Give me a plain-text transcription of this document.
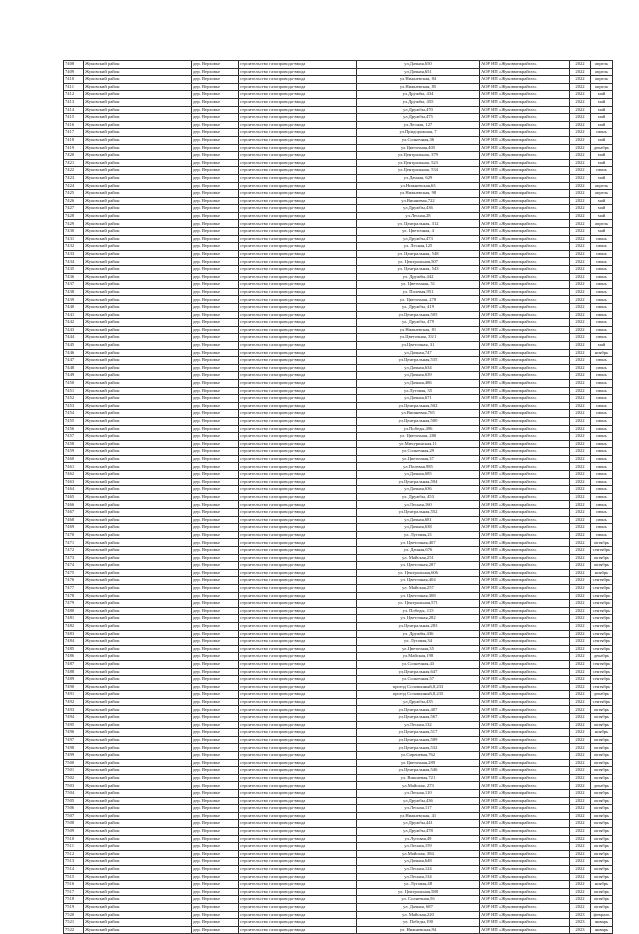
7408	Жуковский район	дер. Верховье	строительство газопровода-ввода	ул.Дачная,650	АОР НП «Жуковмежрайгаз»	2022	апрель
7409	Жуковский район	дер. Верховье	строительство газопровода-ввода	ул.Дачная,651	АОР НП «Жуковмежрайгаз»	2022	апрель
7410	Жуковский район	дер. Верховье	строительство газопровода-ввода	ул.Нижневская, 84	АОР НП «Жуковмежрайгаз»	2022	апрель
7411	Жуковский район	дер. Верховье	строительство газопровода-ввода	ул.Нижневская, 85	АОР НП «Жуковмежрайгаз»	2022	апрель
7412	Жуковский район	дер. Верховье	строительство газопровода-ввода	ул.Дружбы, 434	АОР НП «Жуковмежрайгаз»	2022	май
7413	Жуковский район	дер. Верховье	строительство газопровода-ввода	ул.Дружбы, 455	АОР НП «Жуковмежрайгаз»	2022	май
7414	Жуковский район	дер. Верховье	строительство газопровода-ввода	ул.Дружбы,470	АОР НП «Жуковмежрайгаз»	2022	май
7415	Жуковский район	дер. Верховье	строительство газопровода-ввода	ул.Дружбы,475	АОР НП «Жуковмежрайгаз»	2022	май
7416	Жуковский район	дер. Верховье	строительство газопровода-ввода	ул.Лесная, 127	АОР НП «Жуковмежрайгаз»	2022	май
7417	Жуковский район	дер. Верховье	строительство газопровода-ввода	ул.Придорожная, 7	АОР НП «Жуковмежрайгаз»	2022	июнь
7418	Жуковский район	дер. Верховье	строительство газопровода-ввода	ул.Солнечная,36	АОР НП «Жуковмежрайгаз»	2022	май
7419	Жуковский район	дер. Верховье	строительство газопровода-ввода	ул.Цветочная,405	АОР НП «Жуковмежрайгаз»	2022	декабрь
7420	Жуковский район	дер. Верховье	строительство газопровода-ввода	ул.Центральная, 379	АОР НП «Жуковмежрайгаз»	2022	май
7421	Жуковский район	дер. Верховье	строительство газопровода-ввода	ул.Центральная, 523	АОР НП «Жуковмежрайгаз»	2022	май
7422	Жуковский район	дер. Верховье	строительство газопровода-ввода	ул.Центральная, 534	АОР НП «Жуковмежрайгаз»	2022	июнь
7423	Жуковский район	дер. Верховье	строительство газопровода-ввода	ул.Дачная, 629	АОР НП «Жуковмежрайгаз»	2022	май
7424	Жуковский район	дер. Верховье	строительство газопровода-ввода	ул.Нижневская,63	АОР НП «Жуковмежрайгаз»	2022	апрель
7425	Жуковский район	дер. Верховье	строительство газопровода-ввода	ул.Нижневская, 98	АОР НП «Жуковмежрайгаз»	2022	апрель
7426	Жуковский район	дер. Верховье	строительство газопровода-ввода	ул.Вишневая,722	АОР НП «Жуковмежрайгаз»	2022	май
7427	Жуковский район	дер. Верховье	строительство газопровода-ввода	ул.Дружбы,436	АОР НП «Жуковмежрайгаз»	2022	май
7428	Жуковский район	дер. Верховье	строительство газопровода-ввода	ул.Лесная,28	АОР НП «Жуковмежрайгаз»	2022	май
7429	Жуковский район	дер. Верховье	строительство газопровода-ввода	ул. Центральная, 312	АОР НП «Жуковмежрайгаз»	2022	апрель
7430	Жуковский район	дер. Верховье	строительство газопровода-ввода	ул. Цветочная, 4	АОР НП «Жуковмежрайгаз»	2022	май
7431	Жуковский район	дер. Верховье	строительство газопровода-ввода	ул.Дружбы,473	АОР НП «Жуковмежрайгаз»	2022	июнь
7432	Жуковский район	дер. Верховье	строительство газопровода-ввода	ул. Лесная,125	АОР НП «Жуковмежрайгаз»	2022	июнь
7433	Жуковский район	дер. Верховье	строительство газопровода-ввода	ул. Центральная, 548	АОР НП «Жуковмежрайгаз»	2022	июнь
7434	Жуковский район	дер. Верховье	строительство газопровода-ввода	ул. Центральная,507	АОР НП «Жуковмежрайгаз»	2022	июнь
7435	Жуковский район	дер. Верховье	строительство газопровода-ввода	ул. Центральная, 543	АОР НП «Жуковмежрайгаз»	2022	июнь
7436	Жуковский район	дер. Верховье	строительство газопровода-ввода	ул. Дружбы,442	АОР НП «Жуковмежрайгаз»	2022	июнь
7437	Жуковский район	дер. Верховье	строительство газопровода-ввода	ул. Цветочная, 51	АОР НП «Жуковмежрайгаз»	2022	июнь
7438	Жуковский район	дер. Верховье	строительство газопровода-ввода	ул. Полевая,951	АОР НП «Жуковмежрайгаз»	2022	июнь
7439	Жуковский район	дер. Верховье	строительство газопровода-ввода	ул. Цветочная, 278	АОР НП «Жуковмежрайгаз»	2022	июнь
7440	Жуковский район	дер. Верховье	строительство газопровода-ввода	ул. Дружбы, 419	АОР НП «Жуковмежрайгаз»	2022	июнь
7441	Жуковский район	дер. Верховье	строительство газопровода-ввода	ул.Центральная,505	АОР НП «Жуковмежрайгаз»	2022	июнь
7442	Жуковский район	дер. Верховье	строительство газопровода-ввода	ул. Дружбы, 479	АОР НП «Жуковмежрайгаз»	2022	июнь
7443	Жуковский район	дер. Верховье	строительство газопровода-ввода	ул.Нижневская, 81	АОР НП «Жуковмежрайгаз»	2022	июнь
7444	Жуковский район	дер. Верховье	строительство газопровода-ввода	ул.Цветочная, 33/1	АОР НП «Жуковмежрайгаз»	2022	июнь
7445	Жуковский район	дер. Верховье	строительство газопровода-ввода	ул.Цветочная, 31	АОР НП «Жуковмежрайгаз»	2022	май
7446	Жуковский район	дер. Верховье	строительство газопровода-ввода	ул.Дачная,747	АОР НП «Жуковмежрайгаз»	2022	ноябрь
7447	Жуковский район	дер. Верховье	строительство газопровода-ввода	ул.Центральная,535	АОР НП «Жуковмежрайгаз»	2022	июнь
7448	Жуковский район	дер. Верховье	строительство газопровода-ввода	ул.Дачная,634	АОР НП «Жуковмежрайгаз»	2022	июнь
7449	Жуковский район	дер. Верховье	строительство газопровода-ввода	ул.Дачная,639	АОР НП «Жуковмежрайгаз»	2022	июнь
7450	Жуковский район	дер. Верховье	строительство газопровода-ввода	ул.Дачная,486	АОР НП «Жуковмежрайгаз»	2022	июнь
7451	Жуковский район	дер. Верховье	строительство газопровода-ввода	ул.Луговая, 35	АОР НП «Жуковмежрайгаз»	2022	июнь
7452	Жуковский район	дер. Верховье	строительство газопровода-ввода	ул.Дачная,671	АОР НП «Жуковмежрайгаз»	2022	июнь
7453	Жуковский район	дер. Верховье	строительство газопровода-ввода	ул.Центральная,502	АОР НП «Жуковмежрайгаз»	2022	июнь
7454	Жуковский район	дер. Верховье	строительство газопровода-ввода	ул.Вишневая,765	АОР НП «Жуковмежрайгаз»	2022	июнь
7455	Жуковский район	дер. Верховье	строительство газопровода-ввода	ул.Центральная,500	АОР НП «Жуковмежрайгаз»	2022	июнь
7456	Жуковский район	дер. Верховье	строительство газопровода-ввода	ул.Победы,496	АОР НП «Жуковмежрайгаз»	2022	июнь
7457	Жуковский район	дер. Верховье	строительство газопровода-ввода	ул. Цветочная, 280	АОР НП «Жуковмежрайгаз»	2022	июнь
7458	Жуковский район	дер. Верховье	строительство газопровода-ввода	ул.Мичуринская,11	АОР НП «Жуковмежрайгаз»	2022	июнь
7459	Жуковский район	дер. Верховье	строительство газопровода-ввода	ул.Солнечная,29	АОР НП «Жуковмежрайгаз»	2022	июнь
7460	Жуковский район	дер. Верховье	строительство газопровода-ввода	ул.Цветочная,37	АОР НП «Жуковмежрайгаз»	2022	июнь
7461	Жуковский район	дер. Верховье	строительство газопровода-ввода	ул.Полевая,985	АОР НП «Жуковмежрайгаз»	2022	июнь
7462	Жуковский район	дер. Верховье	строительство газопровода-ввода	ул.Дачная,685	АОР НП «Жуковмежрайгаз»	2022	июнь
7463	Жуковский район	дер. Верховье	строительство газопровода-ввода	ул.Центральная,594	АОР НП «Жуковмежрайгаз»	2022	июнь
7464	Жуковский район	дер. Верховье	строительство газопровода-ввода	ул.Дачная,636	АОР НП «Жуковмежрайгаз»	2022	июнь
7465	Жуковский район	дер. Верховье	строительство газопровода-ввода	ул. Дружбы, 453	АОР НП «Жуковмежрайгаз»	2022	июнь
7466	Жуковский район	дер. Верховье	строительство газопровода-ввода	ул.Лесная,160	АОР НП «Жуковмежрайгаз»	2022	июнь
7467	Жуковский район	дер. Верховье	строительство газопровода-ввода	ул.Центральная,552	АОР НП «Жуковмежрайгаз»	2022	июнь
7468	Жуковский район	дер. Верховье	строительство газопровода-ввода	ул.Дачная,681	АОР НП «Жуковмежрайгаз»	2022	июнь
7469	Жуковский район	дер. Верховье	строительство газопровода-ввода	ул.Дачная,638	АОР НП «Жуковмежрайгаз»	2022	июнь
7470	Жуковский район	дер. Верховье	строительство газопровода-ввода	ул. Луговая,21	АОР НП «Жуковмежрайгаз»	2022	июнь
7471	Жуковский район	дер. Верховье	строительство газопровода-ввода	ул. Цветочная,407	АОР НП «Жуковмежрайгаз»	2022	октябрь
7472	Жуковский район	дер. Верховье	строительство газопровода-ввода	ул. Дачная,676	АОР НП «Жуковмежрайгаз»	2022	сентябрь
7473	Жуковский район	дер. Верховье	строительство газопровода-ввода	ул. Майская,251	АОР НП «Жуковмежрайгаз»	2022	октябрь
7474	Жуковский район	дер. Верховье	строительство газопровода-ввода	ул. Цветочная,287	АОР НП «Жуковмежрайгаз»	2022	октябрь
7475	Жуковский район	дер. Верховье	строительство газопровода-ввода	ул. Центральная,606	АОР НП «Жуковмежрайгаз»	2022	ноябрь
7476	Жуковский район	дер. Верховье	строительство газопровода-ввода	ул. Цветочная,404	АОР НП «Жуковмежрайгаз»	2022	сентябрь
7477	Жуковский район	дер. Верховье	строительство газопровода-ввода	ул. Майская,257	АОР НП «Жуковмежрайгаз»	2022	сентябрь
7478	Жуковский район	дер. Верховье	строительство газопровода-ввода	ул. Цветочная,308	АОР НП «Жуковмежрайгаз»	2022	сентябрь
7479	Жуковский район	дер. Верховье	строительство газопровода-ввода	ул. Центральная,571	АОР НП «Жуковмежрайгаз»	2022	сентябрь
7480	Жуковский район	дер. Верховье	строительство газопровода-ввода	ул. Победы, 115	АОР НП «Жуковмежрайгаз»	2022	сентябрь
7481	Жуковский район	дер. Верховье	строительство газопровода-ввода	ул. Цветочная,282	АОР НП «Жуковмежрайгаз»	2022	сентябрь
7482	Жуковский район	дер. Верховье	строительство газопровода-ввода	ул.Центральная,283	АОР НП «Жуковмежрайгаз»	2022	сентябрь
7483	Жуковский район	дер. Верховье	строительство газопровода-ввода	ул. Дружбы,436	АОР НП «Жуковмежрайгаз»	2022	сентябрь
7484	Жуковский район	дер. Верховье	строительство газопровода-ввода	ул. Луговая,34	АОР НП «Жуковмежрайгаз»	2022	сентябрь
7485	Жуковский район	дер. Верховье	строительство газопровода-ввода	ул.Цветочная,35	АОР НП «Жуковмежрайгаз»	2022	сентябрь
7486	Жуковский район	дер. Верховье	строительство газопровода-ввода	ул.Майская,198	АОР НП «Жуковмежрайгаз»	2022	декабрь
7487	Жуковский район	дер. Верховье	строительство газопровода-ввода	ул.Солнечная,43	АОР НП «Жуковмежрайгаз»	2022	сентябрь
7488	Жуковский район	дер. Верховье	строительство газопровода-ввода	ул.Центральная,647	АОР НП «Жуковмежрайгаз»	2022	сентябрь
7489	Жуковский район	дер. Верховье	строительство газопровода-ввода	ул.Солнечная,57	АОР НП «Жуковмежрайгаз»	2022	сентябрь
7490	Жуковский район	дер. Верховье	строительство газопровода-ввода	проезд Соловьиный,8,233	АОР НП «Жуковмежрайгаз»	2022	сентябрь
7491	Жуковский район	дер. Верховье	строительство газопровода-ввода	проезд Соловьиный,8,235	АОР НП «Жуковмежрайгаз»	2022	декабрь
7492	Жуковский район	дер. Верховье	строительство газопровода-ввода	ул.Дружбы,435	АОР НП «Жуковмежрайгаз»	2022	сентябрь
7493	Жуковский район	дер. Верховье	строительство газопровода-ввода	ул.Центральная,407	АОР НП «Жуковмежрайгаз»	2022	октябрь
7494	Жуковский район	дер. Верховье	строительство газопровода-ввода	ул.Центральная,567	АОР НП «Жуковмежрайгаз»	2022	октябрь
7495	Жуковский район	дер. Верховье	строительство газопровода-ввода	ул.Лесная,132	АОР НП «Жуковмежрайгаз»	2022	октябрь
7496	Жуковский район	дер. Верховье	строительство газопровода-ввода	ул.Центральная,517	АОР НП «Жуковмежрайгаз»	2022	ноябрь
7497	Жуковский район	дер. Верховье	строительство газопровода-ввода	ул.Центральная,589	АОР НП «Жуковмежрайгаз»	2022	октябрь
7498	Жуковский район	дер. Верховье	строительство газопровода-ввода	ул.Центральная,532	АОР НП «Жуковмежрайгаз»	2022	октябрь
7499	Жуковский район	дер. Верховье	строительство газопровода-ввода	ул.Сиреневая,762	АОР НП «Жуковмежрайгаз»	2022	октябрь
7500	Жуковский район	дер. Верховье	строительство газопровода-ввода	ул.Цветочная,289	АОР НП «Жуковмежрайгаз»	2022	октябрь
7501	Жуковский район	дер. Верховье	строительство газопровода-ввода	ул.Центральная,546	АОР НП «Жуковмежрайгаз»	2022	октябрь
7502	Жуковский район	дер. Верховье	строительство газопровода-ввода	ул. Вишневая,721	АОР НП «Жуковмежрайгаз»	2022	октябрь
7503	Жуковский район	дер. Верховье	строительство газопровода-ввода	ул.Майская, 273	АОР НП «Жуковмежрайгаз»	2022	декабрь
7504	Жуковский район	дер. Верховье	строительство газопровода-ввода	ул.Лесная,110	АОР НП «Жуковмежрайгаз»	2022	октябрь
7505	Жуковский район	дер. Верховье	строительство газопровода-ввода	ул.Дружбы,436	АОР НП «Жуковмежрайгаз»	2022	октябрь
7506	Жуковский район	дер. Верховье	строительство газопровода-ввода	ул.Лесная,117	АОР НП «Жуковмежрайгаз»	2022	октябрь
7507	Жуковский район	дер. Верховье	строительство газопровода-ввода	ул.Нижневская, 41	АОР НП «Жуковмежрайгаз»	2022	октябрь
7508	Жуковский район	дер. Верховье	строительство газопровода-ввода	ул.Дружбы,441	АОР НП «Жуковмежрайгаз»	2022	октябрь
7509	Жуковский район	дер. Верховье	строительство газопровода-ввода	ул.Дружбы,478	АОР НП «Жуковмежрайгаз»	2022	октябрь
7510	Жуковский район	дер. Верховье	строительство газопровода-ввода	ул.Луговая,49	АОР НП «Жуковмежрайгаз»	2022	октябрь
7511	Жуковский район	дер. Верховье	строительство газопровода-ввода	ул.Лесная,159	АОР НП «Жуковмежрайгаз»	2022	октябрь
7512	Жуковский район	дер. Верховье	строительство газопровода-ввода	ул.Майская, 384	АОР НП «Жуковмежрайгаз»	2022	октябрь
7513	Жуковский район	дер. Верховье	строительство газопровода-ввода	ул.Дачная,648	АОР НП «Жуковмежрайгаз»	2022	октябрь
7514	Жуковский район	дер. Верховье	строительство газопровода-ввода	ул.Лесная,124	АОР НП «Жуковмежрайгаз»	2022	октябрь
7515	Жуковский район	дер. Верховье	строительство газопровода-ввода	ул.Лесная,134	АОР НП «Жуковмежрайгаз»	2022	октябрь
7516	Жуковский район	дер. Верховье	строительство газопровода-ввода	ул. Луговая,48	АОР НП «Жуковмежрайгаз»	2022	ноябрь
7517	Жуковский район	дер. Верховье	строительство газопровода-ввода	ул. Центральная,588	АОР НП «Жуковмежрайгаз»	2022	октябрь
7518	Жуковский район	дер. Верховье	строительство газопровода-ввода	ул. Солнечная,56	АОР НП «Жуковмежрайгаз»	2022	октябрь
7519	Жуковский район	дер. Верховье	строительство газопровода-ввода	ул. Дачная, 687	АОР НП «Жуковмежрайгаз»	2022	октябрь
7520	Жуковский район	дер. Верховье	строительство газопровода-ввода	ул. Майская,220	АОР НП «Жуковмежрайгаз»	2023	февраль
7521	Жуковский район	дер. Верховье	строительство газопровода-ввода	ул. Победы,190	АОР НП «Жуковмежрайгаз»	2023	январь
7522	Жуковский район	дер. Верховье	строительство газопровода-ввода	ул. Нижневская,94	АОР НП «Жуковмежрайгаз»	2023	январь
